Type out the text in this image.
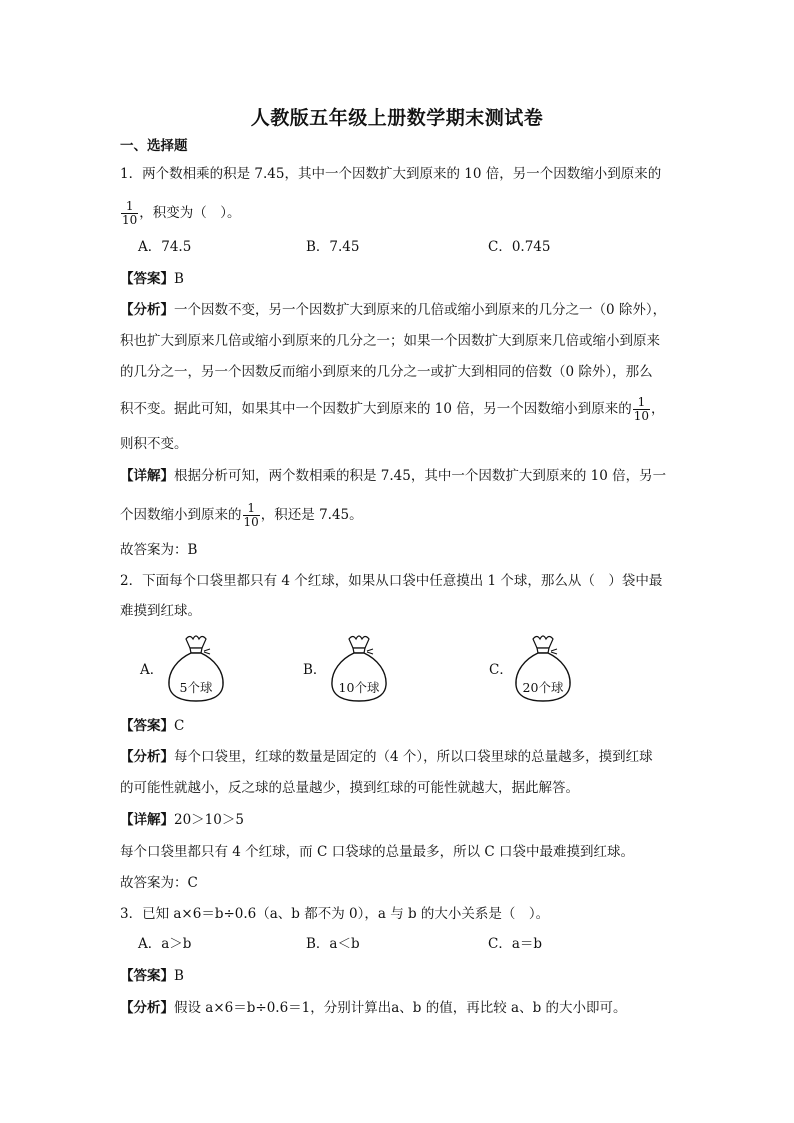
人教版五年级上册数学期末测试卷
一、选择题
1．两个数相乘的积是 7.45，其中一个因数扩大到原来的 10 倍，另一个因数缩小到原来的
$\frac{1}{10}$ ，积变为（　）。
A．74.5	B．7.45	C．0.745
【答案】B
【分析】一个因数不变，另一个因数扩大到原来的几倍或缩小到原来的几分之一（0 除外），
积也扩大到原来几倍或缩小到原来的几分之一；如果一个因数扩大到原来几倍或缩小到原来
的几分之一，另一个因数反而缩小到原来的几分之一或扩大到相同的倍数（0 除外），那么
积不变。据此可知，如果其中一个因数扩大到原来的 10 倍，另一个因数缩小到原来的 $\frac{1}{10}$ ，
则积不变。
【详解】根据分析可知，两个数相乘的积是 7.45，其中一个因数扩大到原来的 10 倍，另一
个因数缩小到原来的 $\frac{1}{10}$ ，积还是 7.45。
故答案为：B
2．下面每个口袋里都只有 4 个红球，如果从口袋中任意摸出 1 个球，那么从（　）袋中最
难摸到红球。
A．
5个球
B．
10个球
C．
20个球
【答案】C
【分析】每个口袋里，红球的数量是固定的（4 个），所以口袋里球的总量越多，摸到红球
的可能性就越小，反之球的总量越少，摸到红球的可能性就越大，据此解答。
【详解】20＞10＞5
每个口袋里都只有 4 个红球，而 C 口袋球的总量最多，所以 C 口袋中最难摸到红球。
故答案为：C
3．已知 a×6＝b÷0.6（a、b 都不为 0），a 与 b 的大小关系是（　）。
A．a＞b	B．a＜b	C．a＝b
【答案】B
【分析】假设 a×6＝b÷0.6＝1，分别计算出a、b 的值，再比较 a、b 的大小即可。
